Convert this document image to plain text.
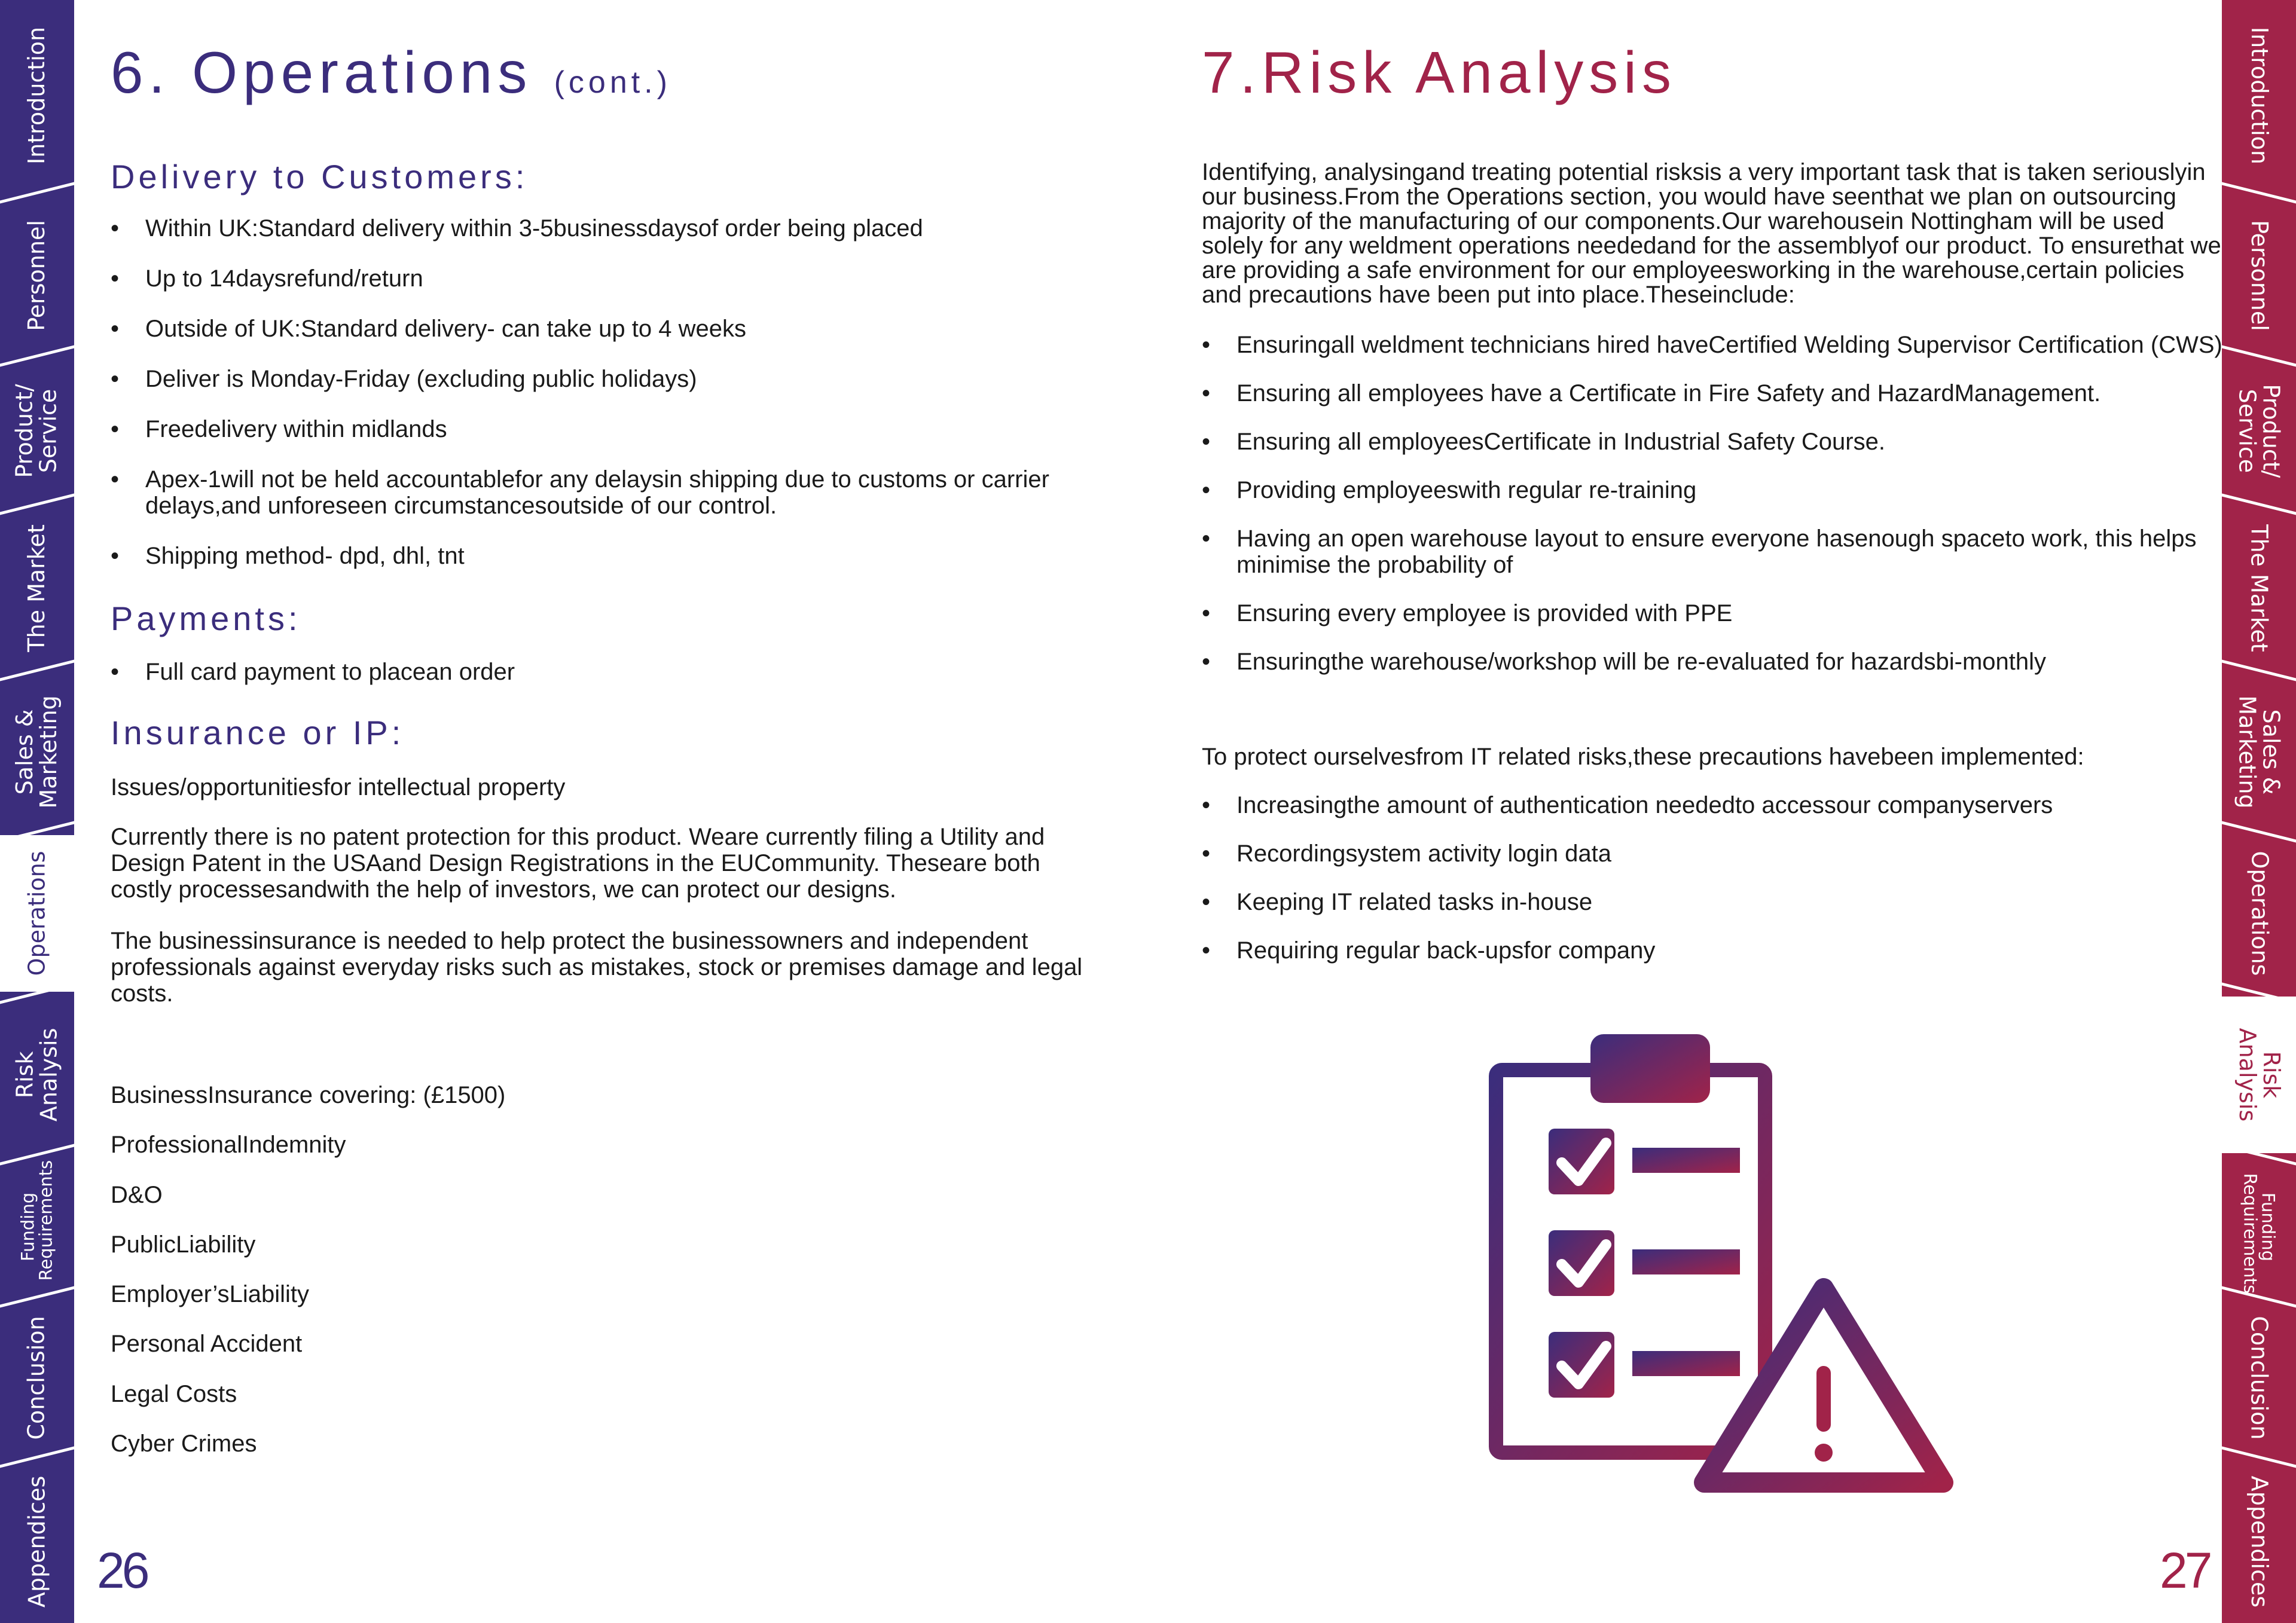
Introduction
Personnel
Product/ Service
The Market
Sales & Marketing
Operations
Risk Analysis
Funding Requirements
Conclusion
Appendices
Introduction
Personnel
Product/ Service
The Market
Sales & Marketing
Operations
Risk Analysis
Funding Requirements
Conclusion
Appendices
6. Operations (cont.)
Delivery to Customers:
• Within UK:Standard delivery within 3-5businessdaysof order being placed
• Up to 14daysrefund/return
• Outside of UK:Standard delivery- can take up to 4 weeks
• Deliver is Monday-Friday (excluding public holidays)
• Freedelivery within midlands
• Apex-1will not be held accountablefor any delaysin shipping due to customs or carrier delays,and unforeseen circumstancesoutside of our control.
• Shipping method- dpd, dhl, tnt
Payments:
• Full card payment to placean order
Insurance or IP:

Issues/opportunitiesfor intellectual property

Currently there is no patent protection for this product. Weare currently filing a Utility and Design Patent in the USAand Design Registrations in the EUCommunity. Theseare both costly processesandwith the help of investors, we can protect our designs.

The businessinsurance is needed to help protect the businessowners and independent professionals against everyday risks such as mistakes, stock or premises damage and legal costs.

BusinessInsurance covering: (£1500)

ProfessionalIndemnity

D&O

PublicLiability

Employer’sLiability

Personal Accident

Legal Costs

Cyber Crimes

26
7.Risk Analysis

Identifying, analysingand treating potential risksis a very important task that is taken seriouslyin our business.From the Operations section, you would have seenthat we plan on outsourcing majority of the manufacturing of our components.Our warehousein Nottingham will be used solely for any weldment operations neededand for the assemblyof our product. To ensurethat we are providing a safe environment for our employeesworking in the warehouse,certain policies and precautions have been put into place.Theseinclude:

• Ensuringall weldment technicians hired haveCertified Welding Supervisor Certification (CWS)
• Ensuring all employees have a Certificate in Fire Safety and HazardManagement.
• Ensuring all employeesCertificate in Industrial Safety Course.
• Providing employeeswith regular re-training
• Having an open warehouse layout to ensure everyone hasenough spaceto work, this helps minimise the probability of
• Ensuring every employee is provided with PPE
• Ensuringthe warehouse/workshop will be re-evaluated for hazardsbi-monthly

To protect ourselvesfrom IT related risks,these precautions havebeen implemented:

• Increasingthe amount of authentication neededto accessour companyservers
• Recordingsystem activity login data
• Keeping IT related tasks in-house
• Requiring regular back-upsfor company
27
